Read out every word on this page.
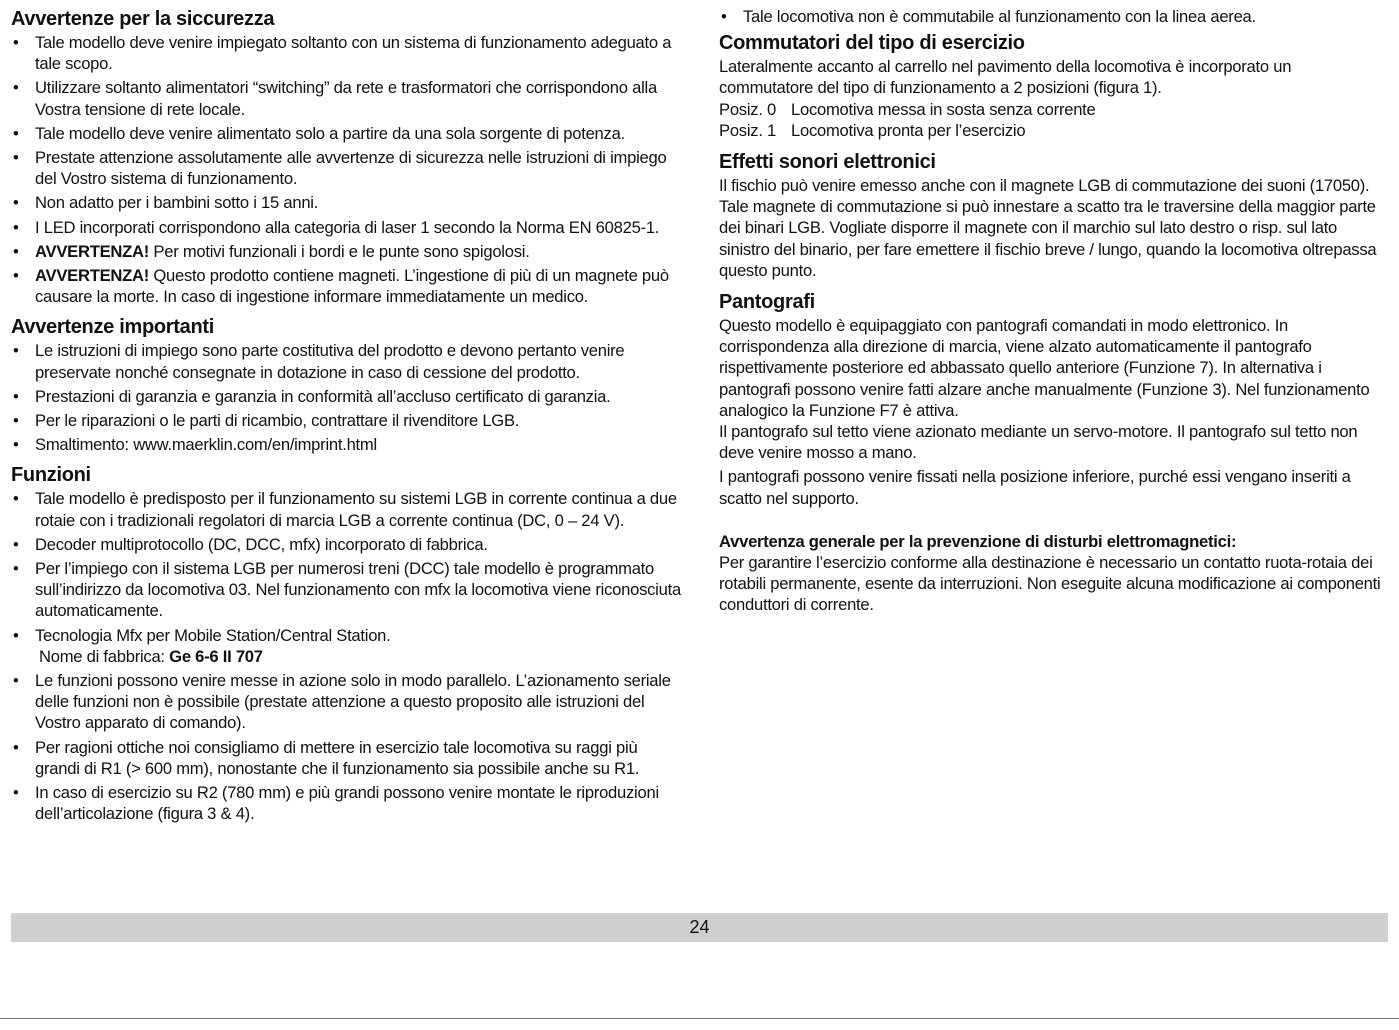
Avvertenze per la siccurezza
• Tale modello deve venire impiegato soltanto con un sistema di funzionamento adeguato a tale scopo.
• Utilizzare soltanto alimentatori “switching” da rete e trasformatori che corrispondono alla Vostra tensione di rete locale.
• Tale modello deve venire alimentato solo a partire da una sola sorgente di potenza.
• Prestate attenzione assolutamente alle avvertenze di sicurezza nelle istruzioni di impiego del Vostro sistema di funzionamento.
• Non adatto per i bambini sotto i 15 anni.
• I LED incorporati corrispondono alla categoria di laser 1 secondo la Norma EN 60825-1.
• AVVERTENZA! Per motivi funzionali i bordi e le punte sono spigolosi.
• AVVERTENZA! Questo prodotto contiene magneti. L’ingestione di più di un magnete può causare la morte. In caso di ingestione informare immediatamente un medico.
Avvertenze importanti
• Le istruzioni di impiego sono parte costitutiva del prodotto e devono pertanto venire preservate nonché consegnate in dotazione in caso di cessione del prodotto.
• Prestazioni di garanzia e garanzia in conformità all’accluso certificato di garanzia.
• Per le riparazioni o le parti di ricambio, contrattare il rivenditore LGB.
• Smaltimento: www.maerklin.com/en/imprint.html
Funzioni
• Tale modello è predisposto per il funzionamento su sistemi LGB in corrente continua a due rotaie con i tradizionali regolatori di marcia LGB a corrente continua (DC, 0 – 24 V).
• Decoder multiprotocollo (DC, DCC, mfx) incorporato di fabbrica.
• Per l’impiego con il sistema LGB per numerosi treni (DCC) tale modello è programmato sull’indirizzo da locomotiva 03. Nel funzionamento con mfx la locomotiva viene riconosciuta automaticamente.
• Tecnologia Mfx per Mobile Station/Central Station.
Nome di fabbrica: Ge 6-6 II 707
• Le funzioni possono venire messe in azione solo in modo parallelo. L’azionamento seriale delle funzioni non è possibile (prestate attenzione a questo proposito alle istruzioni del Vostro apparato di comando).
• Per ragioni ottiche noi consigliamo di mettere in esercizio tale locomotiva su raggi più grandi di R1 (> 600 mm), nonostante che il funzionamento sia possibile anche su R1.
• In caso di esercizio su R2 (780 mm) e più grandi possono venire montate le riproduzioni dell’articolazione (figura 3 & 4).
• Tale locomotiva non è commutabile al funzionamento con la linea aerea.
Commutatori del tipo di esercizio

Lateralmente accanto al carrello nel pavimento della locomotiva è incorporato un commutatore del tipo di funzionamento a 2 posizioni (figura 1).

Posiz. 0 Locomotiva messa in sosta senza corrente
Posiz. 1 Locomotiva pronta per l’esercizio
Effetti sonori elettronici

Il fischio può venire emesso anche con il magnete LGB di commutazione dei suoni (17050). Tale magnete di commutazione si può innestare a scatto tra le traversine della maggior parte dei binari LGB. Vogliate disporre il magnete con il marchio sul lato destro o risp. sul lato sinistro del binario, per fare emettere il fischio breve / lungo, quando la locomotiva oltrepassa questo punto.

Pantografi

Questo modello è equipaggiato con pantografi comandati in modo elettronico. In corrispondenza alla direzione di marcia, viene alzato automaticamente il pantografo rispettivamente posteriore ed abbassato quello anteriore (Funzione 7). In alternativa i pantografi possono venire fatti alzare anche manualmente (Funzione 3). Nel funzionamento analogico la Funzione F7 è attiva.

Il pantografo sul tetto viene azionato mediante un servo-motore. Il pantografo sul tetto non deve venire mosso a mano.

I pantografi possono venire fissati nella posizione inferiore, purché essi vengano inseriti a scatto nel supporto.

Avvertenza generale per la prevenzione di disturbi elettromagnetici:

Per garantire l’esercizio conforme alla destinazione è necessario un contatto ruota-rotaia dei rotabili permanente, esente da interruzioni. Non eseguite alcuna modificazione ai componenti conduttori di corrente.

24
